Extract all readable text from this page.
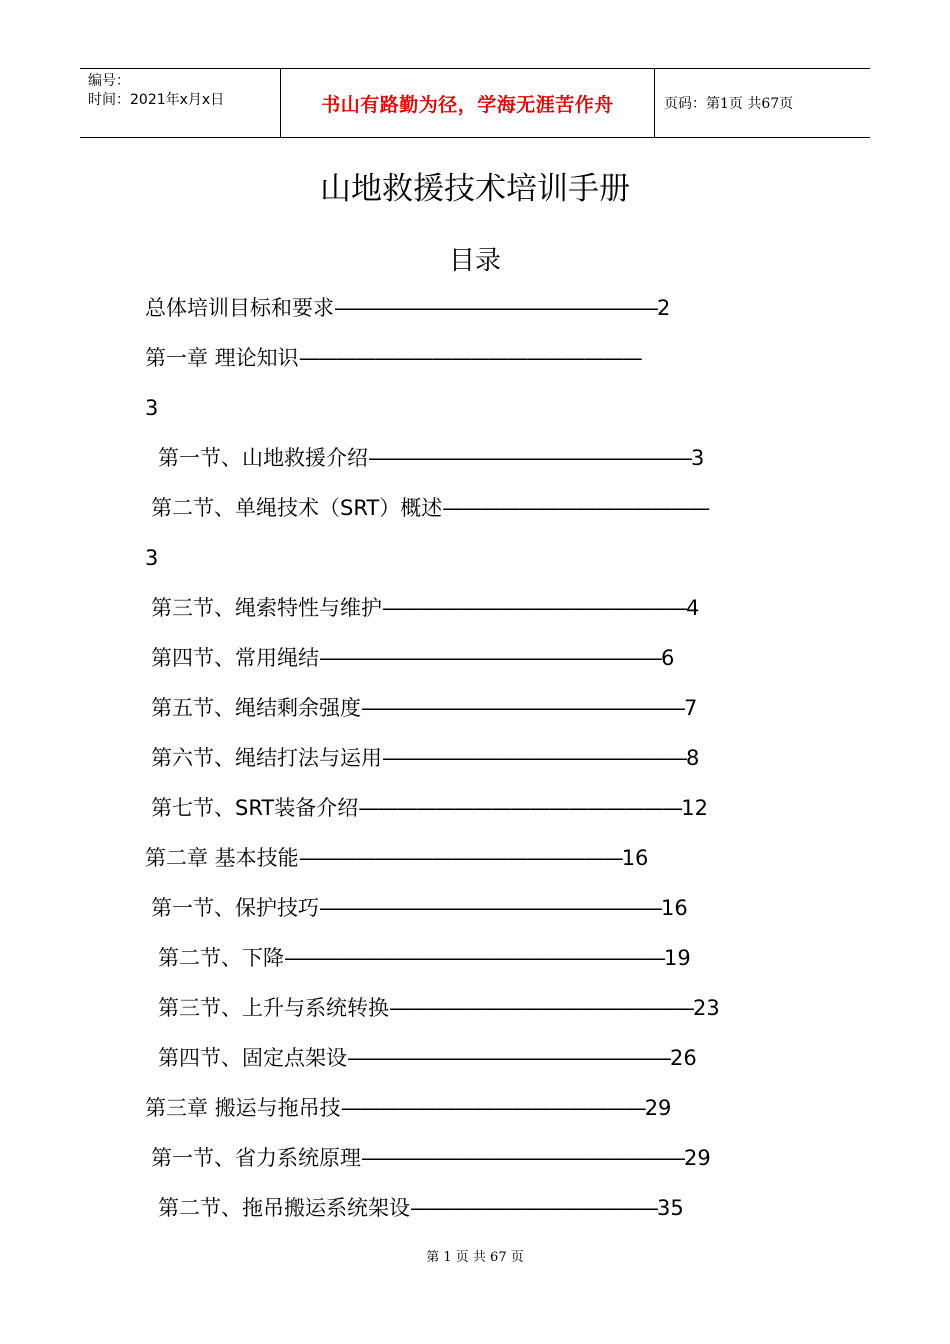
编号：
时间：2021年x月x日	书山有路勤为径，学海无涯苦作舟	页码：第1页 共67页
山地救援技术培训手册
目录
总体培训目标和要求—————————————————2
第一章 理论知识——————————————————
3
第一节、山地救援介绍—————————————————3
第二节、单绳技术（SRT）概述——————————————
3
第三节、绳索特性与维护————————————————4
第四节、常用绳结——————————————————6
第五节、绳结剩余强度—————————————————7
第六节、绳结打法与运用————————————————8
第七节、SRT装备介绍—————————————————12
第二章 基本技能—————————————————16
第一节、保护技巧——————————————————16
第二节、下降————————————————————19
第三节、上升与系统转换————————————————23
第四节、固定点架设—————————————————26
第三章 搬运与拖吊技————————————————29
第一节、省力系统原理—————————————————29
第二节、拖吊搬运系统架设—————————————35
第 1 页 共 67 页
